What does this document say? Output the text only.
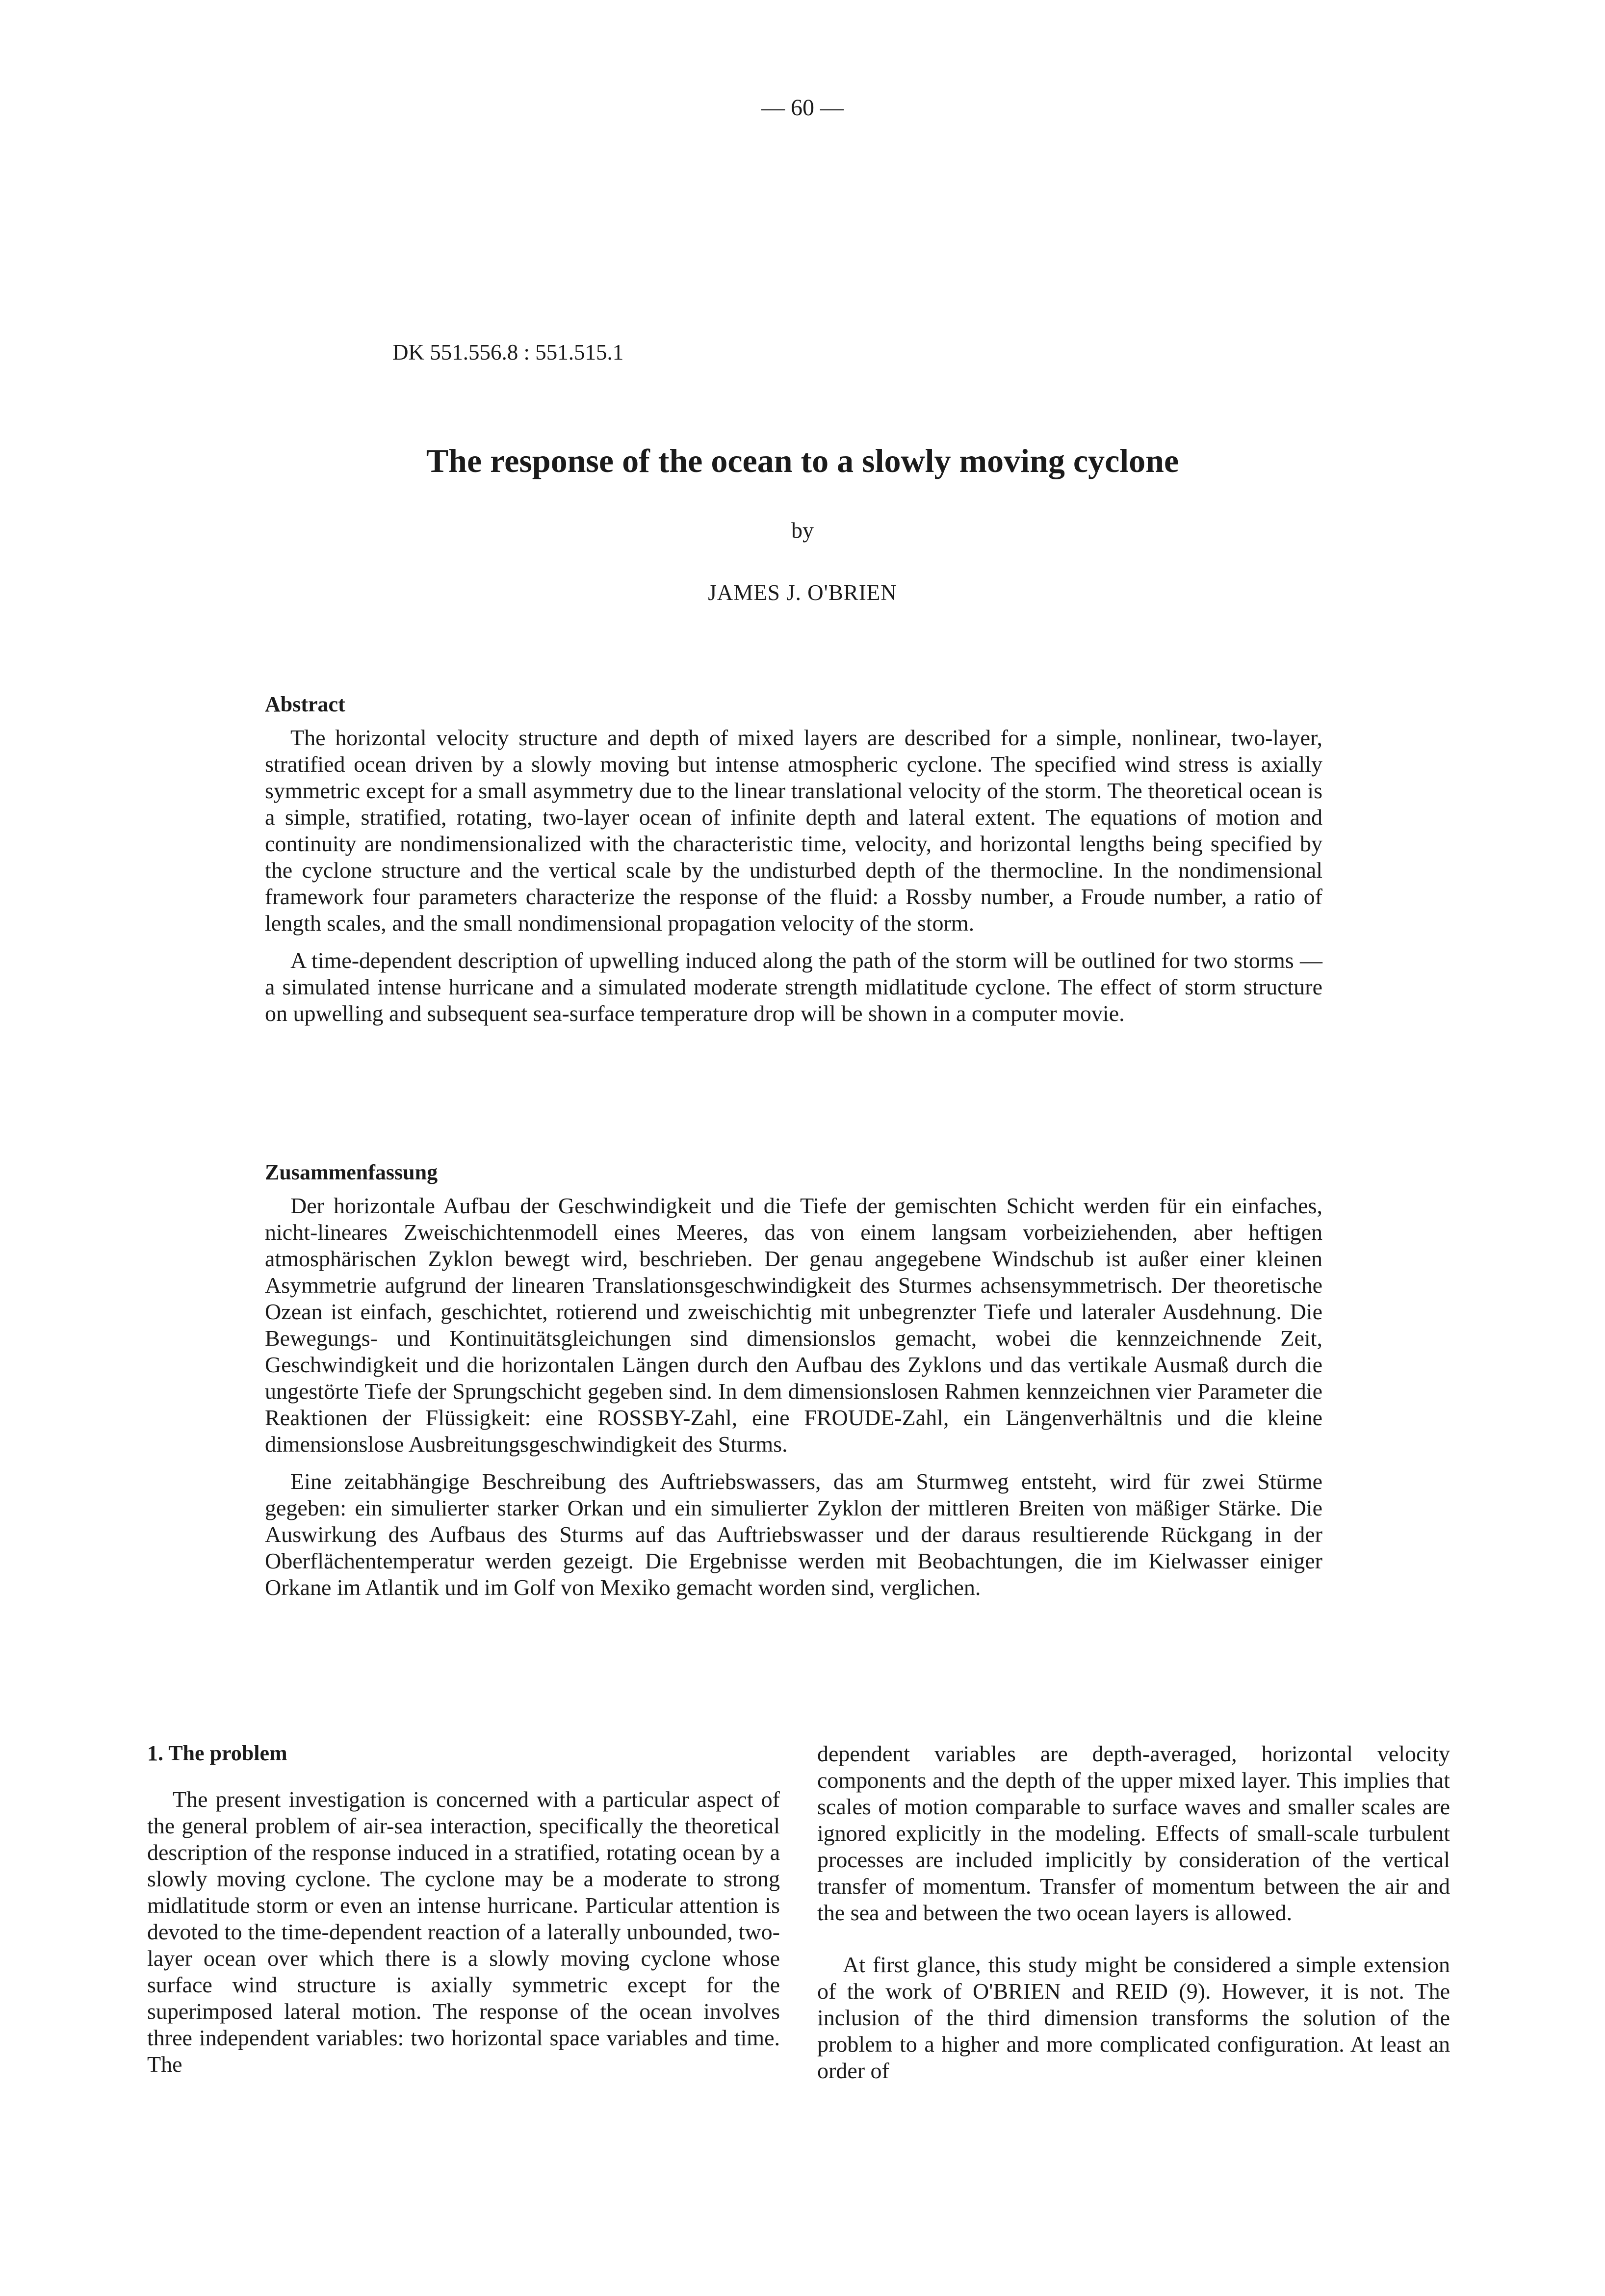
— 60 —
DK 551.556.8 : 551.515.1
The response of the ocean to a slowly moving cyclone
by
JAMES J. O'BRIEN
Abstract

The horizontal velocity structure and depth of mixed layers are described for a simple, nonlinear, two-layer, stratified ocean driven by a slowly moving but intense atmospheric cyclone. The specified wind stress is axially symmetric except for a small asymmetry due to the linear translational velocity of the storm. The theoretical ocean is a simple, stratified, rotating, two-layer ocean of infinite depth and lateral extent. The equations of motion and continuity are nondimensionalized with the characteristic time, velocity, and horizontal lengths being specified by the cyclone structure and the vertical scale by the undisturbed depth of the thermocline. In the nondimensional framework four parameters characterize the response of the fluid: a Rossby number, a Froude number, a ratio of length scales, and the small nondimensional propagation velocity of the storm.

A time-dependent description of upwelling induced along the path of the storm will be outlined for two storms — a simulated intense hurricane and a simulated moderate strength midlatitude cyclone. The effect of storm structure on upwelling and subsequent sea-surface temperature drop will be shown in a computer movie.

Zusammenfassung

Der horizontale Aufbau der Geschwindigkeit und die Tiefe der gemischten Schicht werden für ein einfaches, nicht-lineares Zweischichtenmodell eines Meeres, das von einem langsam vorbeiziehenden, aber heftigen atmosphärischen Zyklon bewegt wird, beschrieben. Der genau angegebene Windschub ist außer einer kleinen Asymmetrie aufgrund der linearen Translationsgeschwindigkeit des Sturmes achsensymmetrisch. Der theoretische Ozean ist einfach, geschichtet, rotierend und zweischichtig mit unbegrenzter Tiefe und lateraler Ausdehnung. Die Bewegungs- und Kontinuitätsgleichungen sind dimensionslos gemacht, wobei die kennzeichnende Zeit, Geschwindigkeit und die horizontalen Längen durch den Aufbau des Zyklons und das vertikale Ausmaß durch die ungestörte Tiefe der Sprungschicht gegeben sind. In dem dimensionslosen Rahmen kennzeichnen vier Parameter die Reaktionen der Flüssigkeit: eine ROSSBY-Zahl, eine FROUDE-Zahl, ein Längenverhältnis und die kleine dimensionslose Ausbreitungsgeschwindigkeit des Sturms.

Eine zeitabhängige Beschreibung des Auftriebswassers, das am Sturmweg entsteht, wird für zwei Stürme gegeben: ein simulierter starker Orkan und ein simulierter Zyklon der mittleren Breiten von mäßiger Stärke. Die Auswirkung des Aufbaus des Sturms auf das Auftriebswasser und der daraus resultierende Rückgang in der Oberflächentemperatur werden gezeigt. Die Ergebnisse werden mit Beobachtungen, die im Kielwasser einiger Orkane im Atlantik und im Golf von Mexiko gemacht worden sind, verglichen.

1. The problem

The present investigation is concerned with a particular aspect of the general problem of air-sea interaction, specifically the theoretical description of the response induced in a stratified, rotating ocean by a slowly moving cyclone. The cyclone may be a moderate to strong midlatitude storm or even an intense hurricane. Particular attention is devoted to the time-dependent reaction of a laterally unbounded, two-layer ocean over which there is a slowly moving cyclone whose surface wind structure is axially symmetric except for the superimposed lateral motion. The response of the ocean involves three independent variables: two horizontal space variables and time. The

dependent variables are depth-averaged, horizontal velocity components and the depth of the upper mixed layer. This implies that scales of motion comparable to surface waves and smaller scales are ignored explicitly in the modeling. Effects of small-scale turbulent processes are included implicitly by consideration of the vertical transfer of momentum. Transfer of momentum between the air and the sea and between the two ocean layers is allowed.

At first glance, this study might be considered a simple extension of the work of O'BRIEN and REID (9). However, it is not. The inclusion of the third dimension transforms the solution of the problem to a higher and more complicated configuration. At least an order of
